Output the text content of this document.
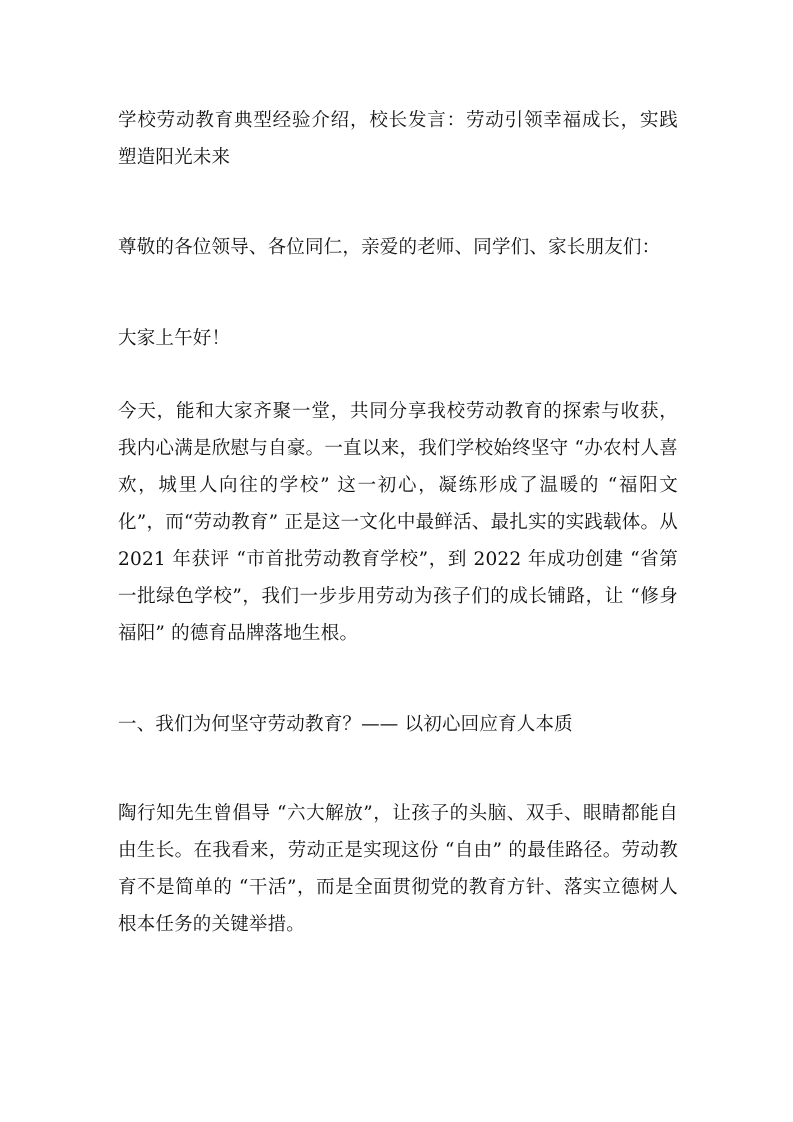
学校劳动教育典型经验介绍，校长发言：劳动引领幸福成长，实践塑造阳光未来

尊敬的各位领导、各位同仁，亲爱的老师、同学们、家长朋友们：

大家上午好！

今天，能和大家齐聚一堂，共同分享我校劳动教育的探索与收获，我内心满是欣慰与自豪。一直以来，我们学校始终坚守 “办农村人喜欢，城里人向往的学校” 这一初心，凝练形成了温暖的 “福阳文化”，而“劳动教育” 正是这一文化中最鲜活、最扎实的实践载体。从 2021 年获评 “市首批劳动教育学校”，到 2022 年成功创建 “省第一批绿色学校”，我们一步步用劳动为孩子们的成长铺路，让 “修身福阳” 的德育品牌落地生根。

一、我们为何坚守劳动教育？—— 以初心回应育人本质

陶行知先生曾倡导 “六大解放”，让孩子的头脑、双手、眼睛都能自由生长。在我看来，劳动正是实现这份 “自由” 的最佳路径。劳动教育不是简单的 “干活”，而是全面贯彻党的教育方针、落实立德树人根本任务的关键举措。
